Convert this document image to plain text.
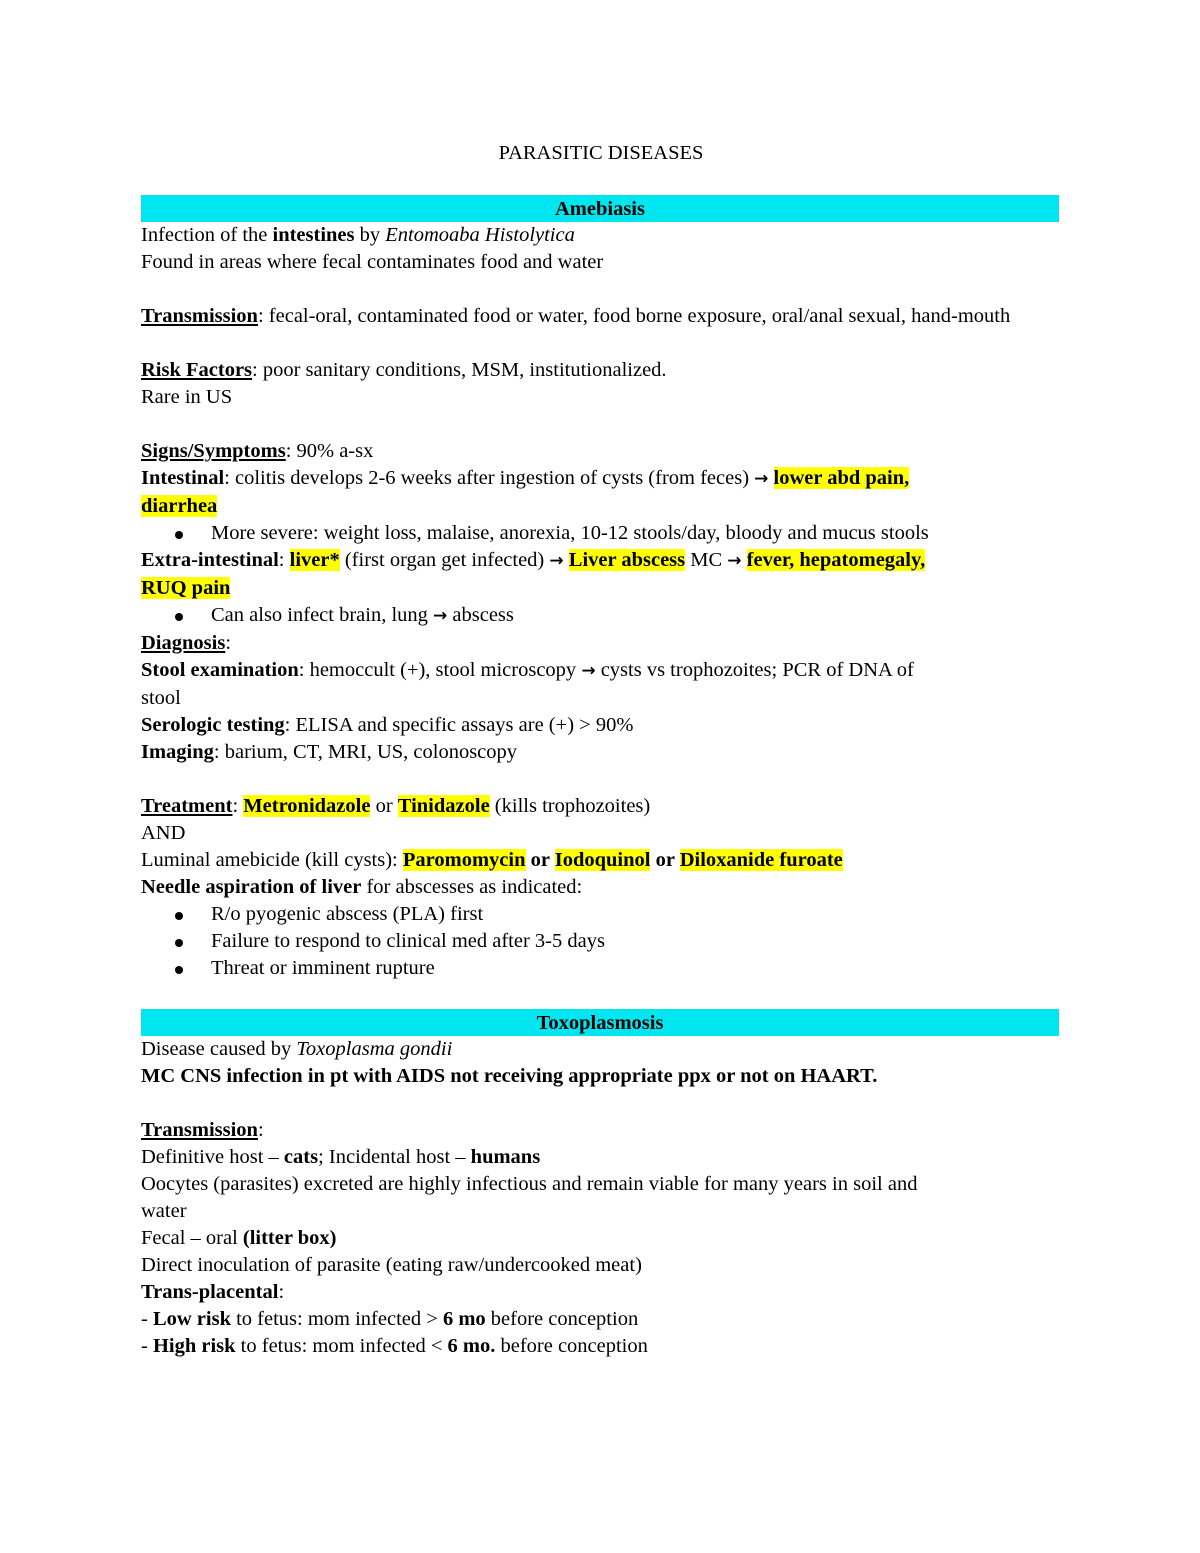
PARASITIC DISEASES
Amebiasis
Infection of the intestines by Entomoaba Histolytica
Found in areas where fecal contaminates food and water
Transmission: fecal-oral, contaminated food or water, food borne exposure, oral/anal sexual, hand-mouth
Risk Factors: poor sanitary conditions, MSM, institutionalized.
Rare in US
Signs/Symptoms: 90% a-sx
Intestinal: colitis develops 2-6 weeks after ingestion of cysts (from feces) → lower abd pain,
diarrhea
More severe: weight loss, malaise, anorexia, 10-12 stools/day, bloody and mucus stools
Extra-intestinal: liver* (first organ get infected) → Liver abscess MC → fever, hepatomegaly,
RUQ pain
Can also infect brain, lung → abscess
Diagnosis:
Stool examination: hemoccult (+), stool microscopy → cysts vs trophozoites; PCR of DNA of
stool
Serologic testing: ELISA and specific assays are (+) > 90%
Imaging: barium, CT, MRI, US, colonoscopy
Treatment: Metronidazole or Tinidazole (kills trophozoites)
AND
Luminal amebicide (kill cysts): Paromomycin or Iodoquinol or Diloxanide furoate
Needle aspiration of liver for abscesses as indicated:
R/o pyogenic abscess (PLA) first
Failure to respond to clinical med after 3-5 days
Threat or imminent rupture
Toxoplasmosis
Disease caused by Toxoplasma gondii
MC CNS infection in pt with AIDS not receiving appropriate ppx or not on HAART.
Transmission:
Definitive host – cats; Incidental host – humans
Oocytes (parasites) excreted are highly infectious and remain viable for many years in soil and
water
Fecal – oral (litter box)
Direct inoculation of parasite (eating raw/undercooked meat)
Trans-placental:
- Low risk to fetus: mom infected > 6 mo before conception
- High risk to fetus: mom infected < 6 mo. before conception
